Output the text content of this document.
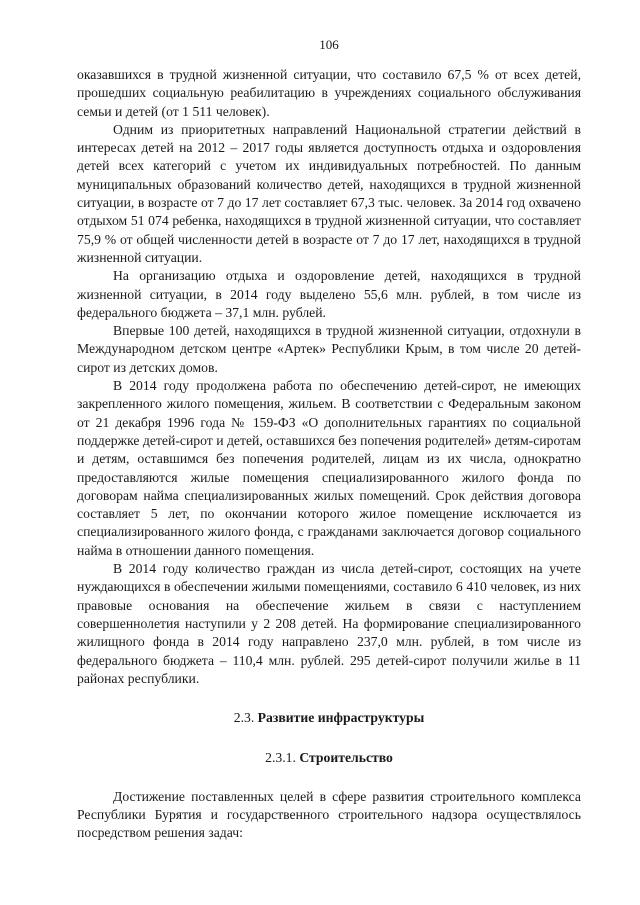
106

оказавшихся в трудной жизненной ситуации, что составило 67,5 % от всех детей, прошедших социальную реабилитацию в учреждениях социального обслуживания семьи и детей (от 1 511 человек).

Одним из приоритетных направлений Национальной стратегии действий в интересах детей на 2012 – 2017 годы является доступность отдыха и оздоровления детей всех категорий с учетом их индивидуальных потребностей. По данным муниципальных образований количество детей, находящихся в трудной жизненной ситуации, в возрасте от 7 до 17 лет составляет 67,3 тыс. человек. За 2014 год охвачено отдыхом 51 074 ребенка, находящихся в трудной жизненной ситуации, что составляет 75,9 % от общей численности детей в возрасте от 7 до 17 лет, находящихся в трудной жизненной ситуации.

На организацию отдыха и оздоровление детей, находящихся в трудной жизненной ситуации, в 2014 году выделено 55,6 млн. рублей, в том числе из федерального бюджета – 37,1 млн. рублей.

Впервые 100 детей, находящихся в трудной жизненной ситуации, отдохнули в Международном детском центре «Артек» Республики Крым, в том числе 20 детей-сирот из детских домов.

В 2014 году продолжена работа по обеспечению детей-сирот, не имеющих закрепленного жилого помещения, жильем. В соответствии с Федеральным законом от 21 декабря 1996 года № 159-ФЗ «О дополнительных гарантиях по социальной поддержке детей-сирот и детей, оставшихся без попечения родителей» детям-сиротам и детям, оставшимся без попечения родителей, лицам из их числа, однократно предоставляются жилые помещения специализированного жилого фонда по договорам найма специализированных жилых помещений. Срок действия договора составляет 5 лет, по окончании которого жилое помещение исключается из специализированного жилого фонда, с гражданами заключается договор социального найма в отношении данного помещения.

В 2014 году количество граждан из числа детей-сирот, состоящих на учете нуждающихся в обеспечении жилыми помещениями, составило 6 410 человек, из них правовые основания на обеспечение жильем в связи с наступлением совершеннолетия наступили у 2 208 детей. На формирование специализированного жилищного фонда в 2014 году направлено 237,0 млн. рублей, в том числе из федерального бюджета – 110,4 млн. рублей. 295 детей-сирот получили жилье в 11 районах республики.

2.3. Развитие инфраструктуры
2.3.1. Строительство

Достижение поставленных целей в сфере развития строительного комплекса Республики Бурятия и государственного строительного надзора осуществлялось посредством решения задач:
